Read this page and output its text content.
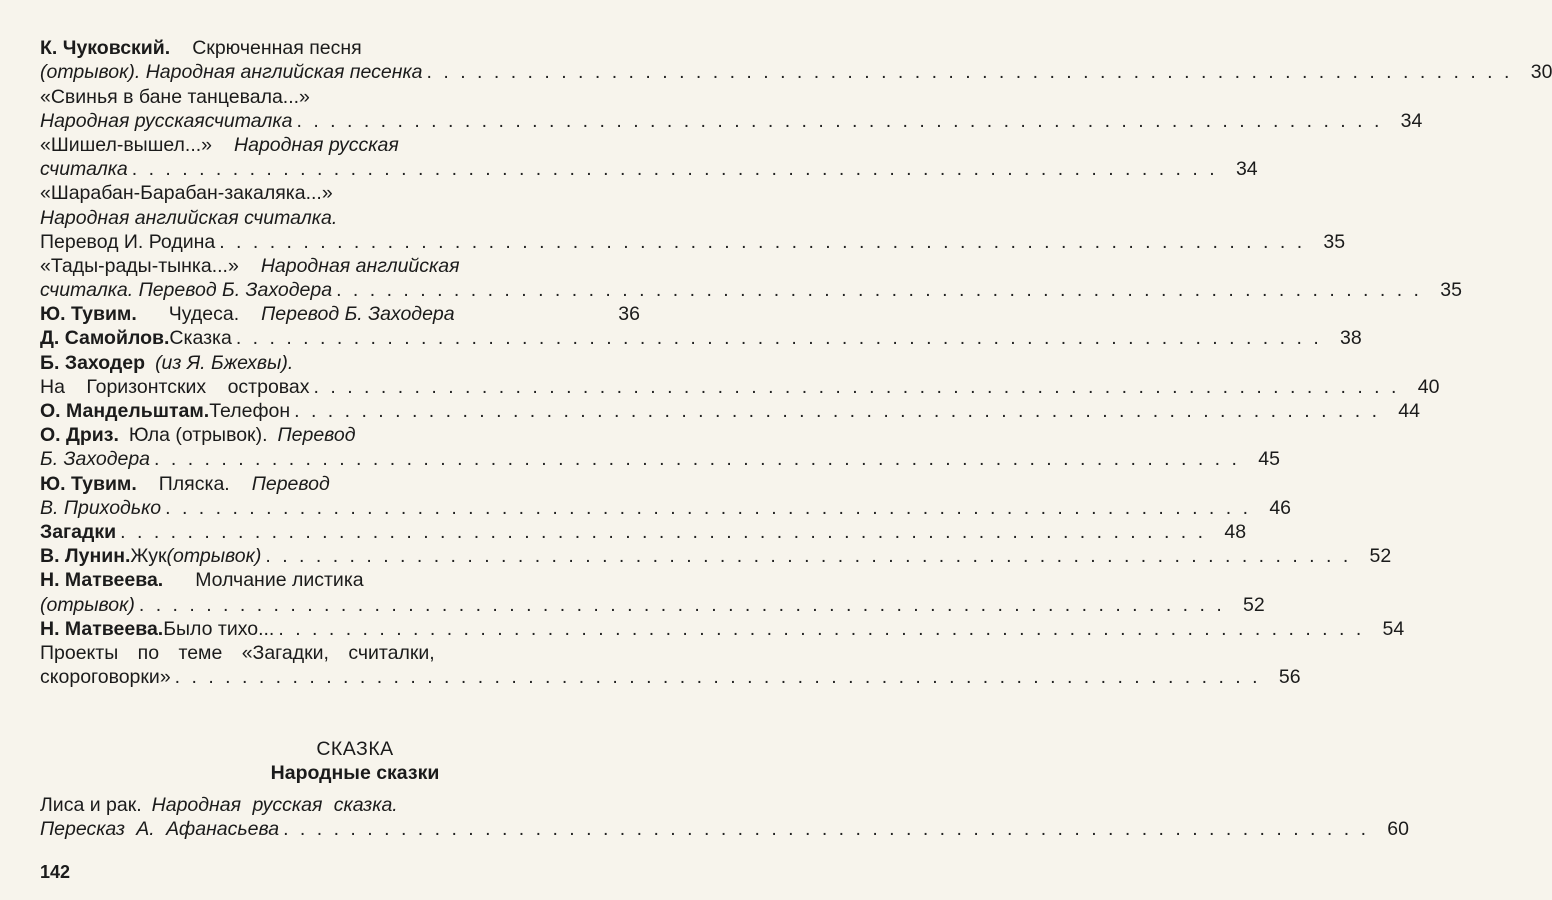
К. Чуковский. Скрюченная песня
(отрывок). Народная английская песенка . . . . . . . . . . . . . . . . . . . . . . . . . . . . . . . . . . . . . . . . . . . . . . . . . . . . . . . . . . . . . . . . . 30
«Свинья в бане танцевала...»
Народная русская считалка . . . . . . . . . . . . . . . . . . . . . . . . . . . . . . . . . . . . . . . . . . . . . . . . . . . . . . . . . . . . . . . . . 34
«Шишел-вышел...» Народная русская
считалка . . . . . . . . . . . . . . . . . . . . . . . . . . . . . . . . . . . . . . . . . . . . . . . . . . . . . . . . . . . . . . . . . 34
«Шарабан-Барабан-закаляка...»
Народная английская считалка.
Перевод И. Родина . . . . . . . . . . . . . . . . . . . . . . . . . . . . . . . . . . . . . . . . . . . . . . . . . . . . . . . . . . . . . . . . . 35
«Тады-рады-тынка...» Народная английская
считалка. Перевод Б. Заходера . . . . . . . . . . . . . . . . . . . . . . . . . . . . . . . . . . . . . . . . . . . . . . . . . . . . . . . . . . . . . . . . . 35
Ю. Тувим. Чудеса. Перевод Б. Заходера	36
Д. Самойлов. Сказка . . . . . . . . . . . . . . . . . . . . . . . . . . . . . . . . . . . . . . . . . . . . . . . . . . . . . . . . . . . . . . . . . 38
Б. Заходер (из Я. Бжехвы).
На Горизонтских островах . . . . . . . . . . . . . . . . . . . . . . . . . . . . . . . . . . . . . . . . . . . . . . . . . . . . . . . . . . . . . . . . . 40
О. Мандельштам. Телефон . . . . . . . . . . . . . . . . . . . . . . . . . . . . . . . . . . . . . . . . . . . . . . . . . . . . . . . . . . . . . . . . . 44
О. Дриз. Юла (отрывок). Перевод
Б. Заходера . . . . . . . . . . . . . . . . . . . . . . . . . . . . . . . . . . . . . . . . . . . . . . . . . . . . . . . . . . . . . . . . . 45
Ю. Тувим. Пляска. Перевод
В. Приходько . . . . . . . . . . . . . . . . . . . . . . . . . . . . . . . . . . . . . . . . . . . . . . . . . . . . . . . . . . . . . . . . . 46
Загадки . . . . . . . . . . . . . . . . . . . . . . . . . . . . . . . . . . . . . . . . . . . . . . . . . . . . . . . . . . . . . . . . . 48
В. Лунин. Жук (отрывок) . . . . . . . . . . . . . . . . . . . . . . . . . . . . . . . . . . . . . . . . . . . . . . . . . . . . . . . . . . . . . . . . . 52
Н. Матвеева. Молчание листика
(отрывок) . . . . . . . . . . . . . . . . . . . . . . . . . . . . . . . . . . . . . . . . . . . . . . . . . . . . . . . . . . . . . . . . . 52
Н. Матвеева. Было тихо... . . . . . . . . . . . . . . . . . . . . . . . . . . . . . . . . . . . . . . . . . . . . . . . . . . . . . . . . . . . . . . . . . 54
Проекты по теме «Загадки, считалки,
скороговорки» . . . . . . . . . . . . . . . . . . . . . . . . . . . . . . . . . . . . . . . . . . . . . . . . . . . . . . . . . . . . . . . . . 56
СКАЗКА
Народные сказки
Лиса и рак. Народная русская сказка.
Пересказ А. Афанасьева . . . . . . . . . . . . . . . . . . . . . . . . . . . . . . . . . . . . . . . . . . . . . . . . . . . . . . . . . . . . . . . . . 60
142
